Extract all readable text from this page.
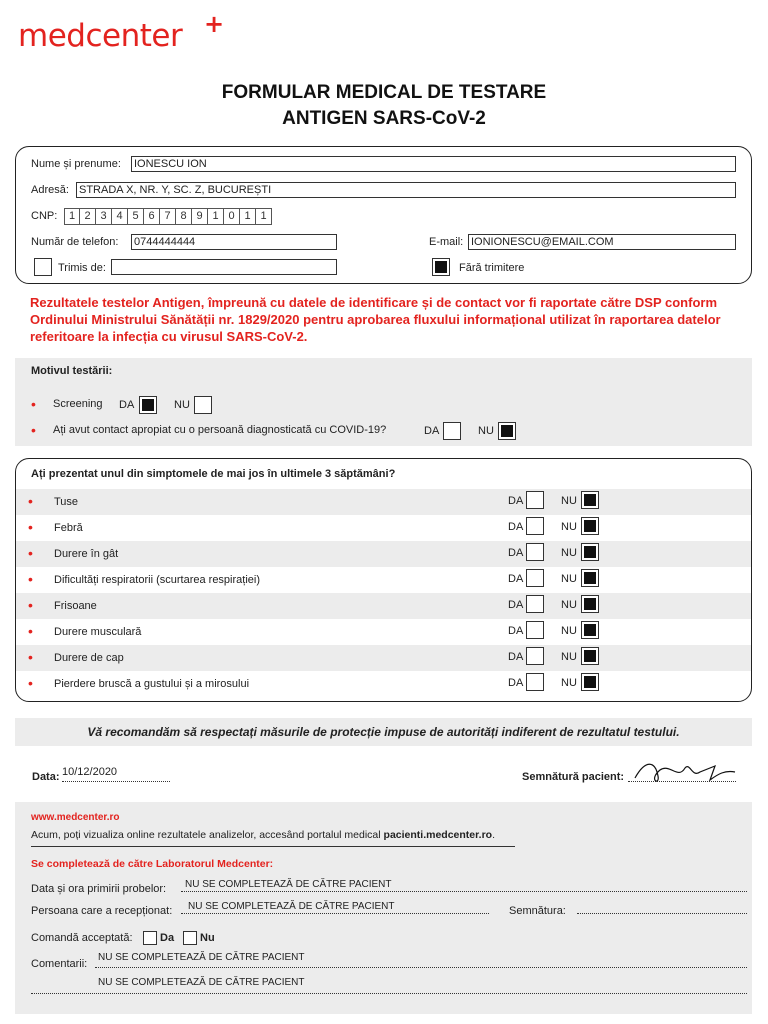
medcenter +
FORMULAR MEDICAL DE TESTARE
ANTIGEN SARS-CoV-2
Nume și prenume: IONESCU ION
Adresă: STRADA X, NR. Y, SC. Z, BUCUREȘTI
CNP:	1 2 3 4 5 6 7 8 9 1 0 1 1
Număr de telefon: 0744444444	E-mail: IONIONESCU@EMAIL.COM
Trimis de:	Fără trimitere
Rezultatele testelor Antigen, împreună cu datele de identificare și de contact vor fi raportate către DSP conform Ordinului Ministrului Sănătății nr. 1829/2020 pentru aprobarea fluxului informațional utilizat în raportarea datelor referitoare la infecția cu virusul SARS-CoV-2.
Motivul testării:
• Screening DA	NU
• Ați avut contact apropiat cu o persoană diagnosticată cu COVID-19?	DA	NU
Ați prezentat unul din simptomele de mai jos în ultimele 3 săptămâni?
• Tuse	DA	NU
• Febră	DA	NU
• Durere în gât	DA	NU
• Dificultăți respiratorii (scurtarea respirației)	DA	NU
• Frisoane	DA	NU
• Durere musculară	DA	NU
• Durere de cap	DA	NU
• Pierdere bruscă a gustului și a mirosului	DA	NU
Vă recomandăm să respectați măsurile de protecție impuse de autorități indiferent de rezultatul testului.
Data: 10/12/2020	Semnătură pacient:
www.medcenter.ro
Acum, poți vizualiza online rezultatele analizelor, accesând portalul medical pacienti.medcenter.ro.
Se completează de către Laboratorul Medcenter:
Data și ora primirii probelor: NU SE COMPLETEAZĂ DE CĂTRE PACIENT
Persoana care a recepționat: NU SE COMPLETEAZĂ DE CĂTRE PACIENT	Semnătura:
Comandă acceptată: Da Nu
Comentarii:
NU SE COMPLETEAZĂ DE CĂTRE PACIENT
NU SE COMPLETEAZĂ DE CĂTRE PACIENT
